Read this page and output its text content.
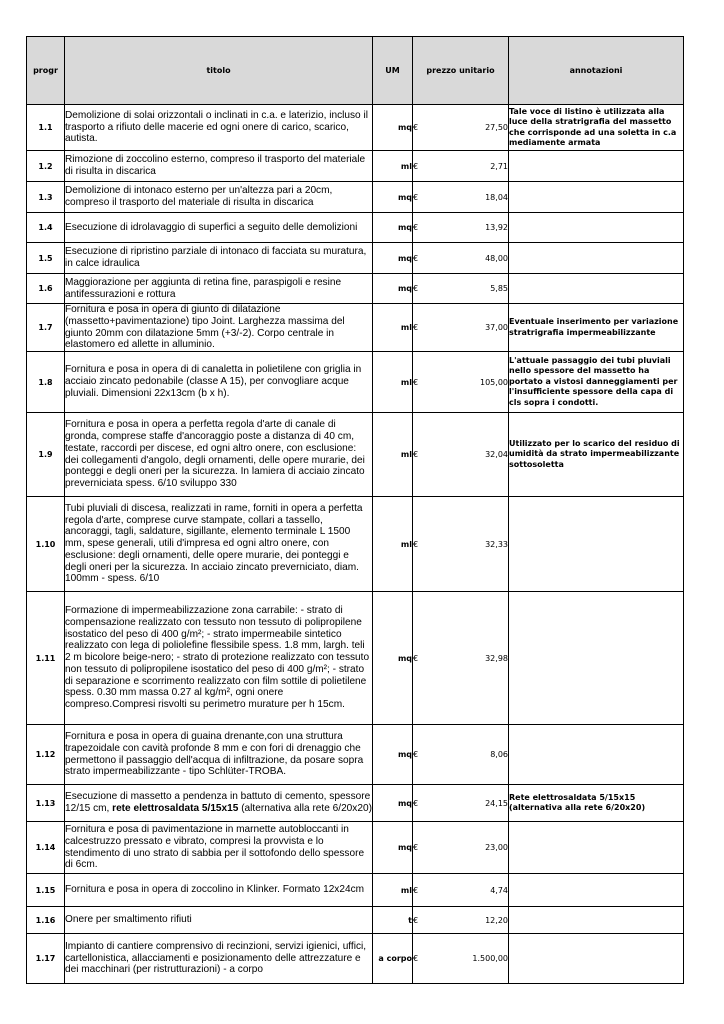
progr	titolo	UM	prezzo unitario	annotazioni
1.1	Demolizione di solai orizzontali o inclinati in c.a. e laterizio, incluso il trasporto a rifiuto delle macerie ed ogni onere di carico, scarico, autista.	mq	€ 27,50	Tale voce di listino è utilizzata alla luce della stratrigrafia del massetto che corrisponde ad una soletta in c.a mediamente armata
1.2	Rimozione di zoccolino esterno, compreso il trasporto del materiale di risulta in discarica	ml	€ 2,71	

1.3	Demolizione di intonaco esterno per un'altezza pari a 20cm, compreso il trasporto del materiale di risulta in discarica	mq	€ 18,04	

1.4	Esecuzione di idrolavaggio di superfici a seguito delle demolizioni	mq	€ 13,92	

1.5	Esecuzione di ripristino parziale di intonaco di facciata su muratura, in calce idraulica	mq	€ 48,00	

1.6	Maggiorazione per aggiunta di retina fine, paraspigoli e resine antifessurazioni e rottura	mq	€ 5,85	

1.7	Fornitura e posa in opera di giunto di dilatazione (massetto+pavimentazione) tipo Joint. Larghezza massima del giunto 20mm con dilatazione 5mm (+3/-2). Corpo centrale in elastomero ed allette in alluminio.	ml	€ 37,00	Eventuale inserimento per variazione stratrigrafia impermeabilizzante
1.8	Fornitura e posa in opera di di canaletta in polietilene con griglia in acciaio zincato pedonabile (classe A 15), per convogliare acque pluviali. Dimensioni 22x13cm (b x h).	ml	€ 105,00	L'attuale passaggio dei tubi pluviali nello spessore del massetto ha portato a vistosi danneggiamenti per l'insufficiente spessore della capa di cls sopra i condotti.
1.9	Fornitura e posa in opera a perfetta regola d'arte di canale di gronda, comprese staffe d'ancoraggio poste a distanza di 40 cm, testate, raccordi per discese, ed ogni altro onere, con esclusione: dei collegamenti d'angolo, degli ornamenti, delle opere murarie, dei ponteggi e degli oneri per la sicurezza. In lamiera di acciaio zincato preverniciata spess. 6/10 sviluppo 330	ml	€ 32,04	Utilizzato per lo scarico del residuo di umidità da strato impermeabilizzante sottosoletta
1.10	Tubi pluviali di discesa, realizzati in rame, forniti in opera a perfetta regola d'arte, comprese curve stampate, collari a tassello, ancoraggi, tagli, saldature, sigillante, elemento terminale L 1500 mm, spese generali, utili d'impresa ed ogni altro onere, con esclusione: degli ornamenti, delle opere murarie, dei ponteggi e degli oneri per la sicurezza. In acciaio zincato preverniciato, diam. 100mm - spess. 6/10	ml	€ 32,33	

1.11	Formazione di impermeabilizzazione zona carrabile: - strato di compensazione realizzato con tessuto non tessuto di polipropilene isostatico del peso di 400 g/m²; - strato impermeabile sintetico realizzato con lega di poliolefine flessibile spess. 1.8 mm, largh. teli 2 m bicolore beige-nero; - strato di protezione realizzato con tessuto non tessuto di polipropilene isostatico del peso di 400 g/m²; - strato di separazione e scorrimento realizzato con film sottile di polietilene spess. 0.30 mm massa 0.27 al kg/m², ogni onere compreso.Compresi risvolti su perimetro murature per h 15cm.	mq	€ 32,98	

1.12	Fornitura e posa in opera di guaina drenante,con una struttura trapezoidale con cavità profonde 8 mm e con fori di drenaggio che permettono il passaggio dell'acqua di infiltrazione, da posare sopra strato impermeabilizzante - tipo Schlüter-TROBA.	mq	€ 8,06	

1.13	Esecuzione di massetto a pendenza in battuto di cemento, spessore 12/15 cm, rete elettrosaldata 5/15x15 (alternativa alla rete 6/20x20)	mq	€ 24,15	Rete elettrosaldata 5/15x15 (alternativa alla rete 6/20x20)
1.14	Fornitura e posa di pavimentazione in marnette autobloccanti in calcestruzzo pressato e vibrato, compresi la provvista e lo stendimento di uno strato di sabbia per il sottofondo dello spessore di 6cm.	mq	€ 23,00	

1.15	Fornitura e posa in opera di zoccolino in Klinker. Formato 12x24cm	ml	€ 4,74	

1.16	Onere per smaltimento rifiuti	t	€ 12,20	

1.17	Impianto di cantiere comprensivo di recinzioni, servizi igienici, uffici, cartellonistica, allacciamenti e posizionamento delle attrezzature e dei macchinari (per ristrutturazioni) - a corpo	a corpo	€ 1.500,00	
